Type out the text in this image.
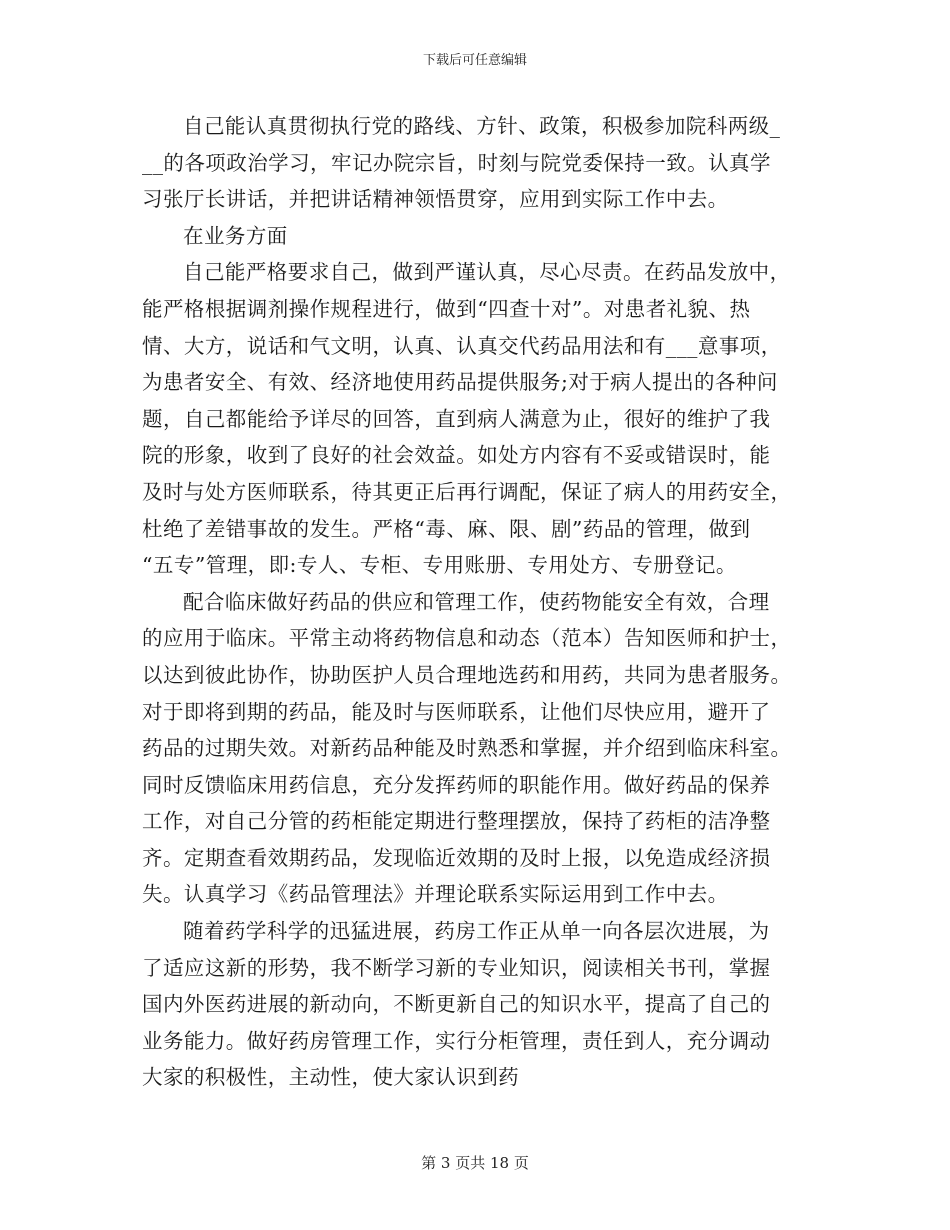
下载后可任意编辑

自己能认真贯彻执行党的路线、方针、政策，积极参加院科两级_
__的各项政治学习，牢记办院宗旨，时刻与院党委保持一致。认真学
习张厅长讲话，并把讲话精神领悟贯穿，应用到实际工作中去。

在业务方面

自己能严格要求自己，做到严谨认真，尽心尽责。在药品发放中，
能严格根据调剂操作规程进行，做到“四查十对”。对患者礼貌、热
情、大方，说话和气文明，认真、认真交代药品用法和有___意事项，
为患者安全、有效、经济地使用药品提供服务;对于病人提出的各种问
题，自己都能给予详尽的回答，直到病人满意为止，很好的维护了我
院的形象，收到了良好的社会效益。如处方内容有不妥或错误时，能
及时与处方医师联系，待其更正后再行调配，保证了病人的用药安全，
杜绝了差错事故的发生。严格“毒、麻、限、剧”药品的管理，做到
“五专”管理，即:专人、专柜、专用账册、专用处方、专册登记。

配合临床做好药品的供应和管理工作，使药物能安全有效，合理
的应用于临床。平常主动将药物信息和动态（范本）告知医师和护士，
以达到彼此协作，协助医护人员合理地选药和用药，共同为患者服务。
对于即将到期的药品，能及时与医师联系，让他们尽快应用，避开了
药品的过期失效。对新药品种能及时熟悉和掌握，并介绍到临床科室。
同时反馈临床用药信息，充分发挥药师的职能作用。做好药品的保养
工作，对自己分管的药柜能定期进行整理摆放，保持了药柜的洁净整
齐。定期查看效期药品，发现临近效期的及时上报，以免造成经济损
失。认真学习《药品管理法》并理论联系实际运用到工作中去。

随着药学科学的迅猛进展，药房工作正从单一向各层次进展，为
了适应这新的形势，我不断学习新的专业知识，阅读相关书刊，掌握
国内外医药进展的新动向，不断更新自己的知识水平，提高了自己的
业务能力。做好药房管理工作，实行分柜管理，责任到人，充分调动
大家的积极性，主动性，使大家认识到药

第 3 页共 18 页
